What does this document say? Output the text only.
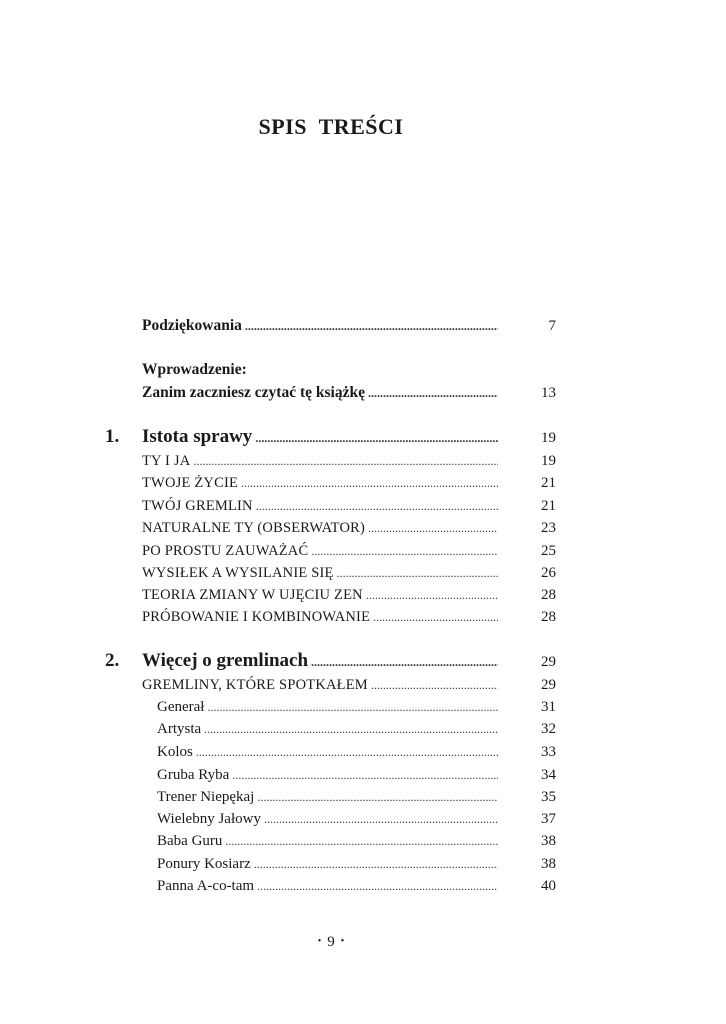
SPIS TREŚCI
Podziękowania .....	7
Wprowadzenie:
Zanim zaczniesz czytać tę książkę .....	13
1. Istota sprawy .....	19
TY I JA .....	19
TWOJE ŻYCIE .....	21
TWÓJ GREMLIN .....	21
NATURALNE TY (OBSERWATOR) .....	23
PO PROSTU ZAUWAŻAĆ .....	25
WYSIŁEK A WYSILANIE SIĘ .....	26
TEORIA ZMIANY W UJĘCIU ZEN .....	28
PRÓBOWANIE I KOMBINOWANIE .....	28
2. Więcej o gremlinach .....	29
GREMLINY, KTÓRE SPOTKAŁEM .....	29
Generał .....	31
Artysta .....	32
Kolos .....	33
Gruba Ryba .....	34
Trener Niepękaj .....	35
Wielebny Jałowy .....	37
Baba Guru .....	38
Ponury Kosiarz .....	38
Panna A-co-tam .....	40
• 9 •
